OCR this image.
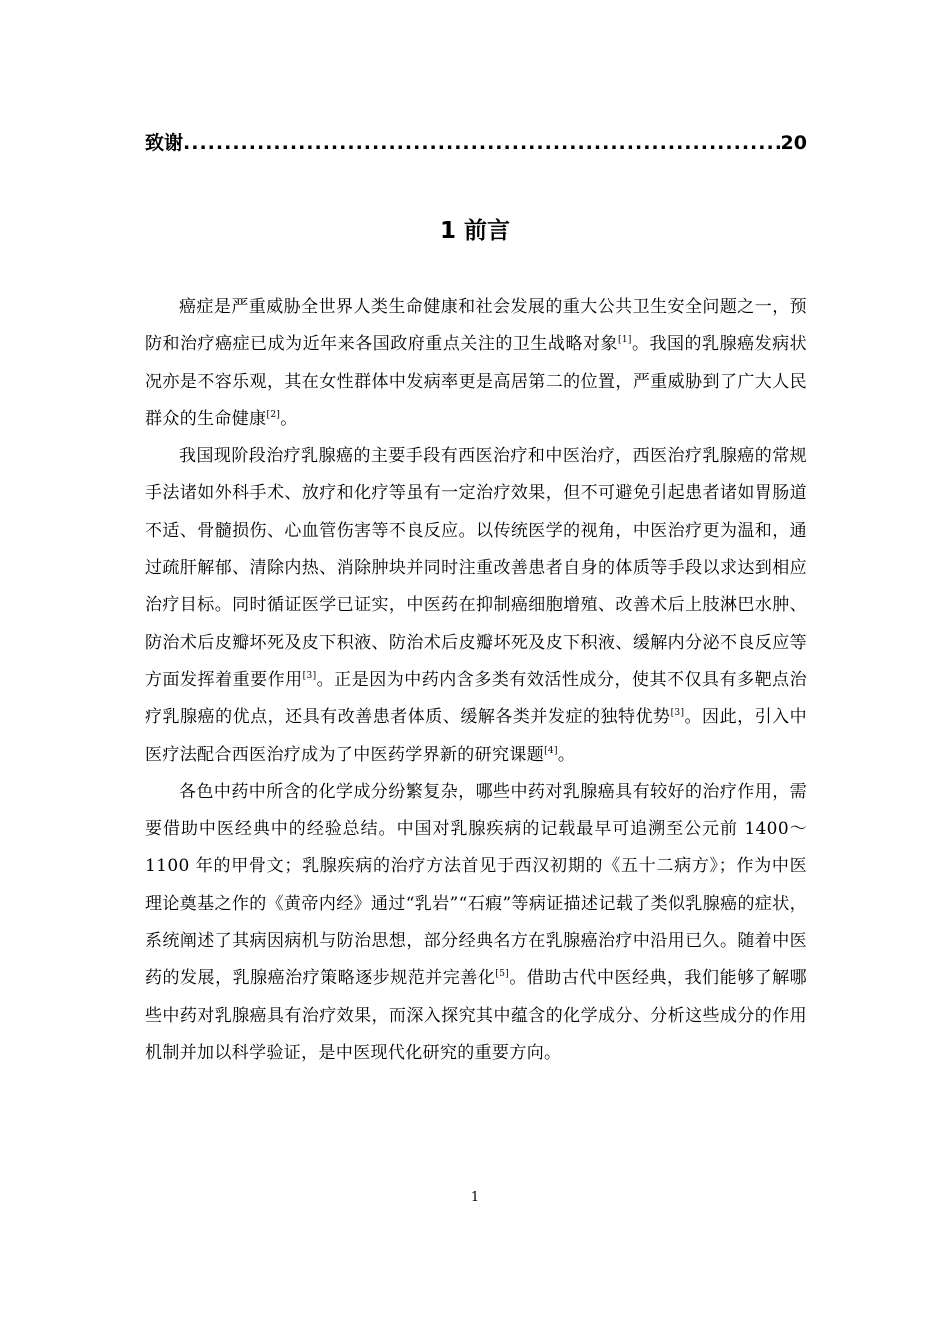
致谢
.....	20
1 前言

癌症是严重威胁全世界人类生命健康和社会发展的重大公共卫生安全问题之一，预防和治疗癌症已成为近年来各国政府重点关注的卫生战略对象[1]。我国的乳腺癌发病状况亦是不容乐观，其在女性群体中发病率更是高居第二的位置，严重威胁到了广大人民群众的生命健康[2]。

我国现阶段治疗乳腺癌的主要手段有西医治疗和中医治疗，西医治疗乳腺癌的常规手法诸如外科手术、放疗和化疗等虽有一定治疗效果，但不可避免引起患者诸如胃肠道不适、骨髓损伤、心血管伤害等不良反应。以传统医学的视角，中医治疗更为温和，通过疏肝解郁、清除内热、消除肿块并同时注重改善患者自身的体质等手段以求达到相应治疗目标。同时循证医学已证实，中医药在抑制癌细胞增殖、改善术后上肢淋巴水肿、防治术后皮瓣坏死及皮下积液、防治术后皮瓣坏死及皮下积液、缓解内分泌不良反应等方面发挥着重要作用[3]。正是因为中药内含多类有效活性成分，使其不仅具有多靶点治疗乳腺癌的优点，还具有改善患者体质、缓解各类并发症的独特优势[3]。因此，引入中医疗法配合西医治疗成为了中医药学界新的研究课题[4]。

各色中药中所含的化学成分纷繁复杂，哪些中药对乳腺癌具有较好的治疗作用，需要借助中医经典中的经验总结。中国对乳腺疾病的记载最早可追溯至公元前 1400～1100 年的甲骨文；乳腺疾病的治疗方法首见于西汉初期的《五十二病方》；作为中医理论奠基之作的《黄帝内经》通过“乳岩”“石瘕”等病证描述记载了类似乳腺癌的症状，系统阐述了其病因病机与防治思想，部分经典名方在乳腺癌治疗中沿用已久。随着中医药的发展，乳腺癌治疗策略逐步规范并完善化[5]。借助古代中医经典，我们能够了解哪些中药对乳腺癌具有治疗效果，而深入探究其中蕴含的化学成分、分析这些成分的作用机制并加以科学验证，是中医现代化研究的重要方向。

1
